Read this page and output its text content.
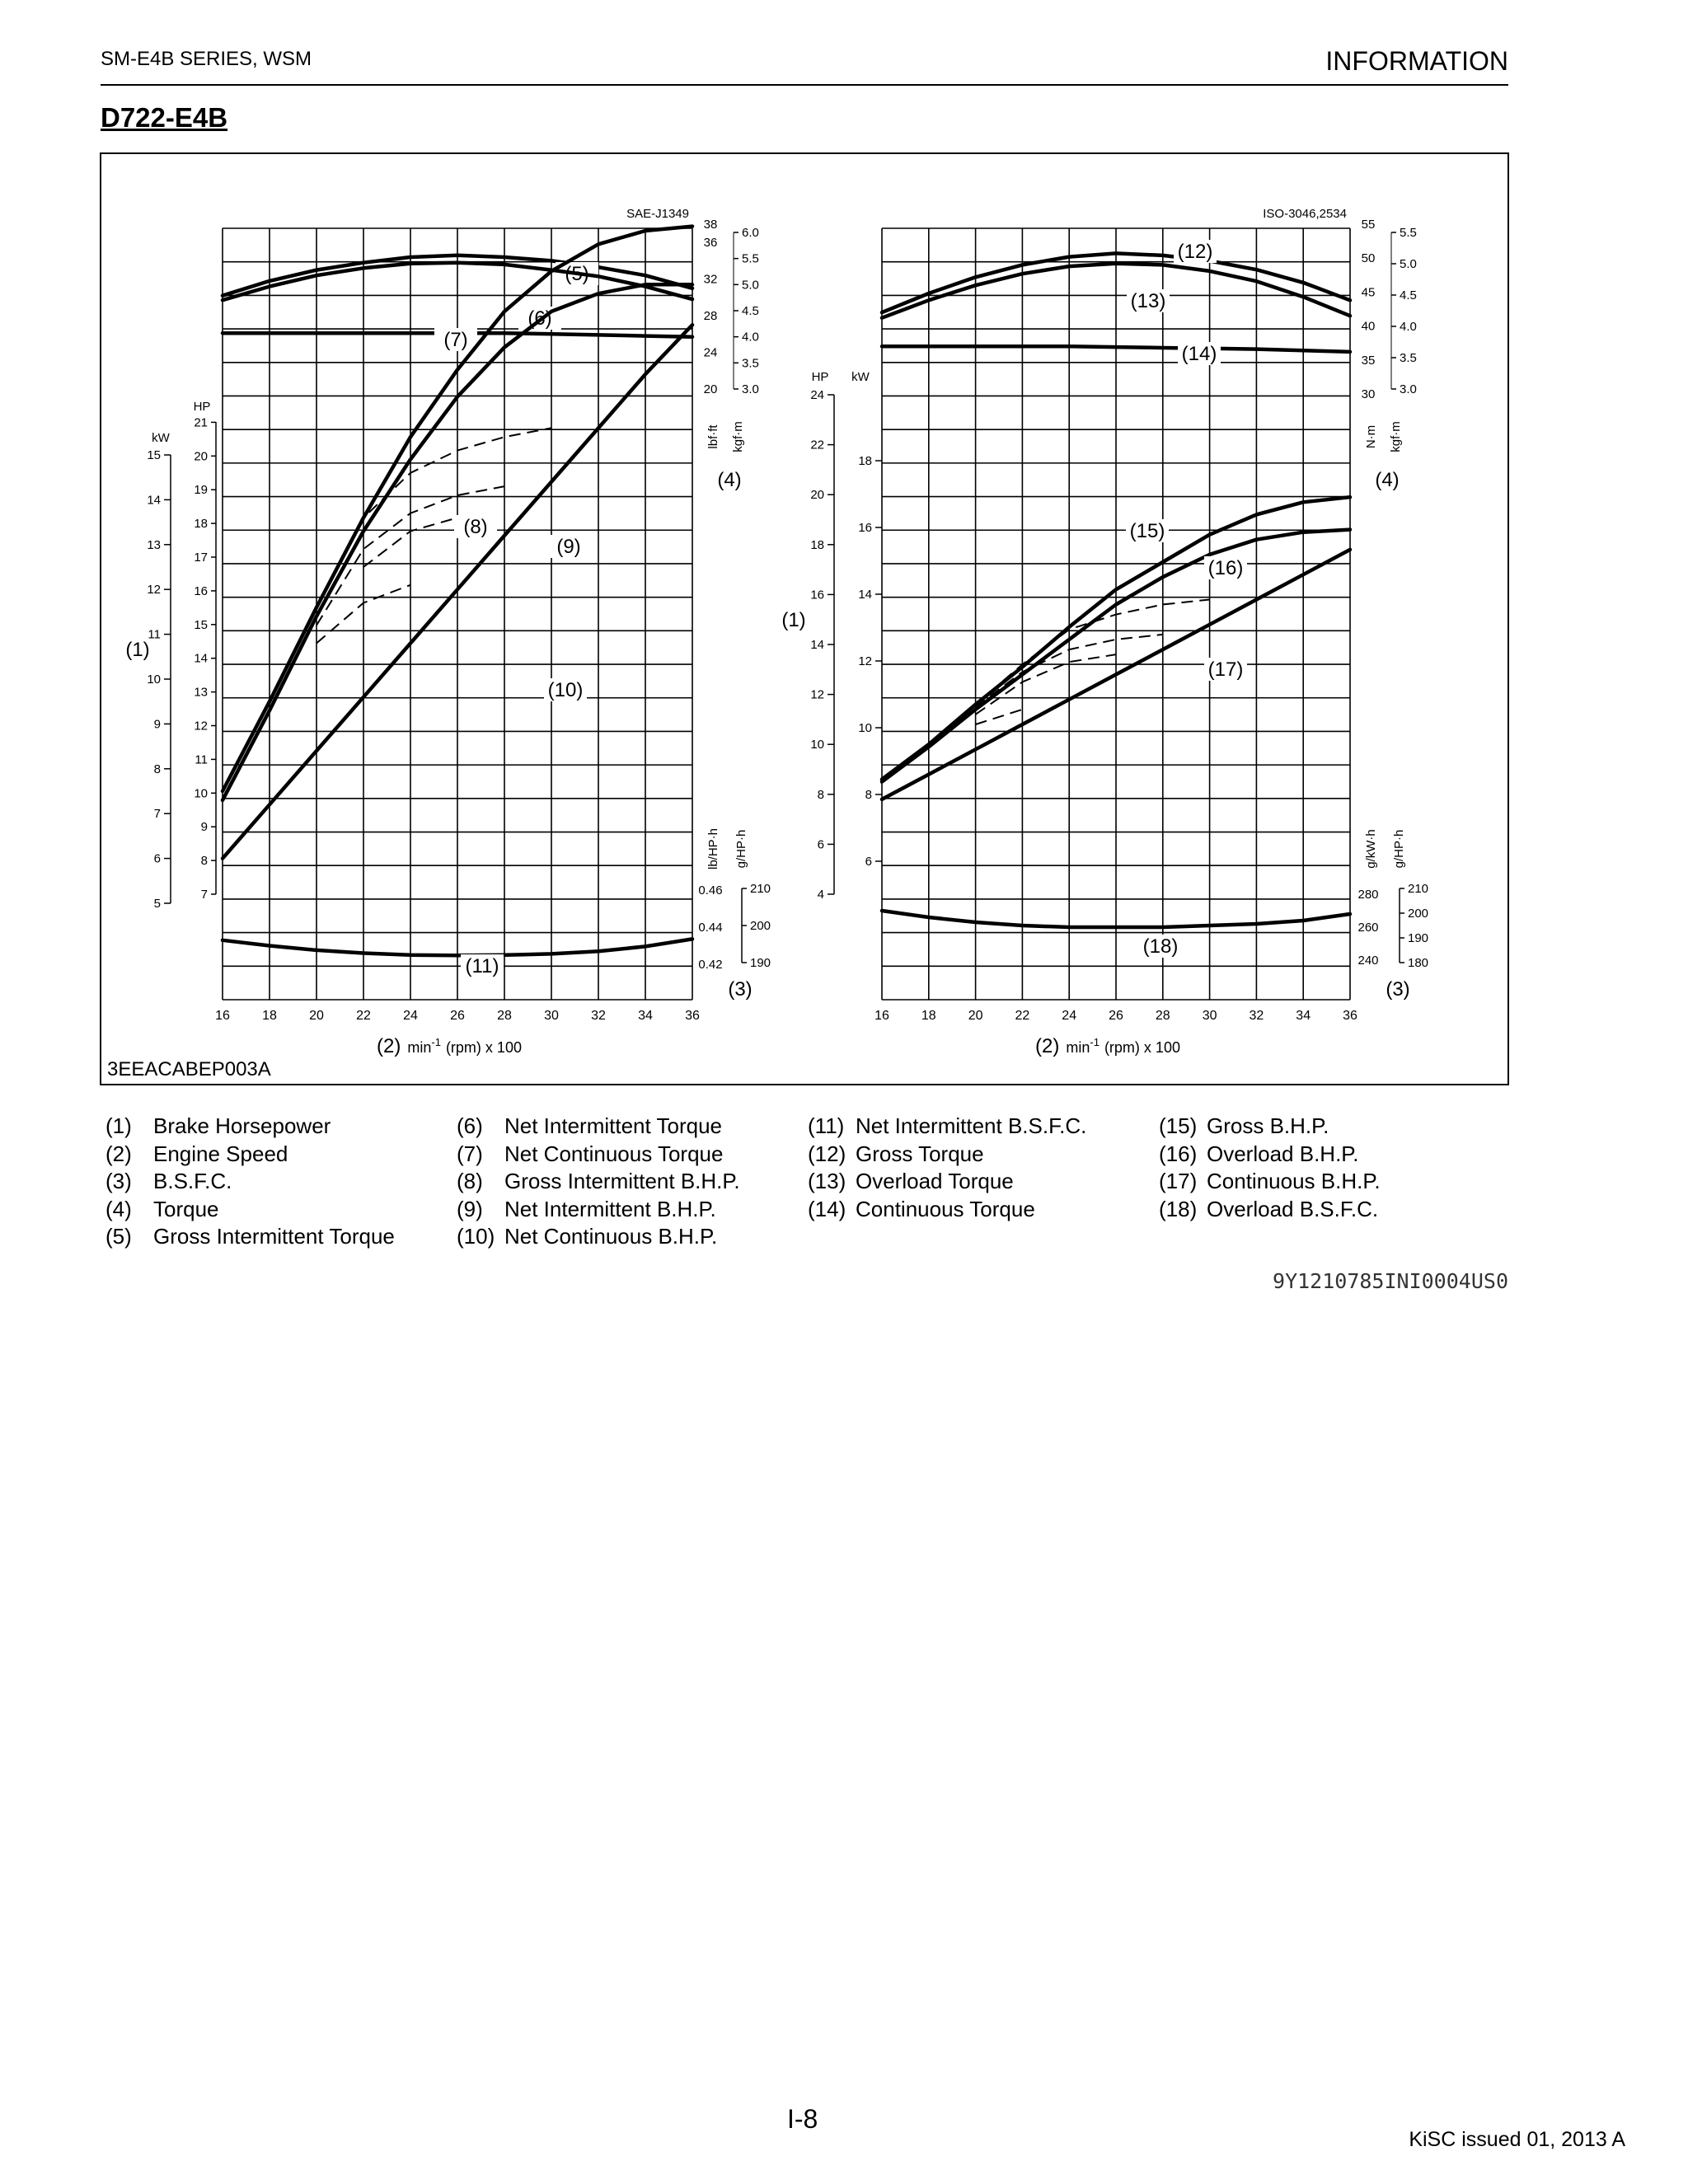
SM-E4B SERIES, WSM	INFORMATION
D722-E4B
3EEACABEP003A
16 18 20 22 24 26 28 30 32 34 36
(2) $\min^{-1} _{(rpm) x 100}$
SAE-J1349
20
24
28
32
36
38
3.0
3.5
4.0
4.5
5.0
5.5
6.0
lbf·ft kgf·m
(4)
0.42
0.44
0.46
190
200
210
lb/HP·h g/HP·h
(3)
5
6
7
8
9
10
11
12
13
14
15
kW
7
8
9
10
11
12
13
14
15
16
17
18
19
20
21
HP
(1)
(5)
(6)
(7)
(8)
(9)
(10)
(11)
16 18 20 22 24 26 28 30 32 34 36
(2) $\min^{-1} _{(rpm) x 100}$
ISO-3046,2534
30
35
40
45
50
55
3.0
3.5
4.0
4.5
5.0
5.5
N·m kgf·m
(4)
240
260
280
180
190
200
210
g/kW·h g/HP·h
(3)
4
6
8
10
12
14
16
18
20
22
24
HP
6
8
10
12
14
16
18
kW
(1)
(12)
(13)
(14)
(15)
(16)
(17)
(18)
(1) Brake Horsepower
(2) Engine Speed
(3) B.S.F.C.
(4) Torque
(5) Gross Intermittent Torque
(6) Net Intermittent Torque
(7) Net Continuous Torque
(8) Gross Intermittent B.H.P.
(9) Net Intermittent B.H.P.
(10) Net Continuous B.H.P.
(11) Net Intermittent B.S.F.C.
(12) Gross Torque
(13) Overload Torque
(14) Continuous Torque
(15) Gross B.H.P.
(16) Overload B.H.P.
(17) Continuous B.H.P.
(18) Overload B.S.F.C.
9Y1210785INI0004US0
I-8
KiSC issued 01, 2013 A
